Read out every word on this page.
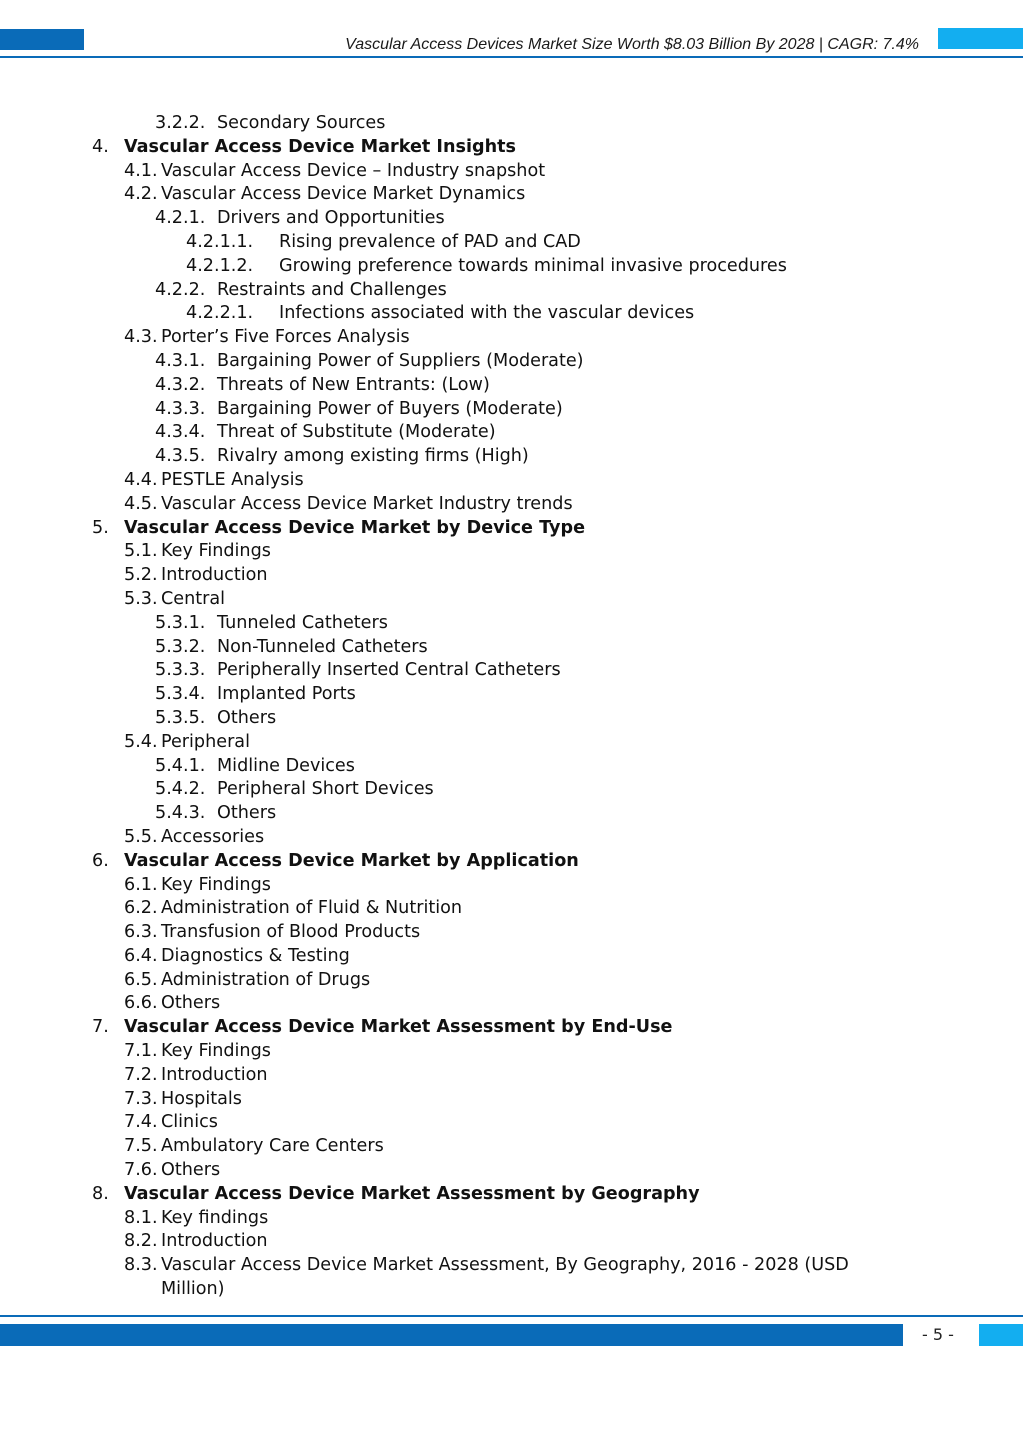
Vascular Access Devices Market Size Worth $8.03 Billion By 2028 | CAGR: 7.4%
3.2.2. Secondary Sources
4. Vascular Access Device Market Insights
4.1. Vascular Access Device – Industry snapshot
4.2. Vascular Access Device Market Dynamics
4.2.1. Drivers and Opportunities
4.2.1.1. Rising prevalence of PAD and CAD
4.2.1.2. Growing preference towards minimal invasive procedures
4.2.2. Restraints and Challenges
4.2.2.1. Infections associated with the vascular devices
4.3. Porter’s Five Forces Analysis
4.3.1. Bargaining Power of Suppliers (Moderate)
4.3.2. Threats of New Entrants: (Low)
4.3.3. Bargaining Power of Buyers (Moderate)
4.3.4. Threat of Substitute (Moderate)
4.3.5. Rivalry among existing firms (High)
4.4. PESTLE Analysis
4.5. Vascular Access Device Market Industry trends
5. Vascular Access Device Market by Device Type
5.1. Key Findings
5.2. Introduction
5.3. Central
5.3.1. Tunneled Catheters
5.3.2. Non-Tunneled Catheters
5.3.3. Peripherally Inserted Central Catheters
5.3.4. Implanted Ports
5.3.5. Others
5.4. Peripheral
5.4.1. Midline Devices
5.4.2. Peripheral Short Devices
5.4.3. Others
5.5. Accessories
6. Vascular Access Device Market by Application
6.1. Key Findings
6.2. Administration of Fluid & Nutrition
6.3. Transfusion of Blood Products
6.4. Diagnostics & Testing
6.5. Administration of Drugs
6.6. Others
7. Vascular Access Device Market Assessment by End-Use
7.1. Key Findings
7.2. Introduction
7.3. Hospitals
7.4. Clinics
7.5. Ambulatory Care Centers
7.6. Others
8. Vascular Access Device Market Assessment by Geography
8.1. Key findings
8.2. Introduction
8.3. Vascular Access Device Market Assessment, By Geography, 2016 - 2028 (USD Million)
- 5 -
